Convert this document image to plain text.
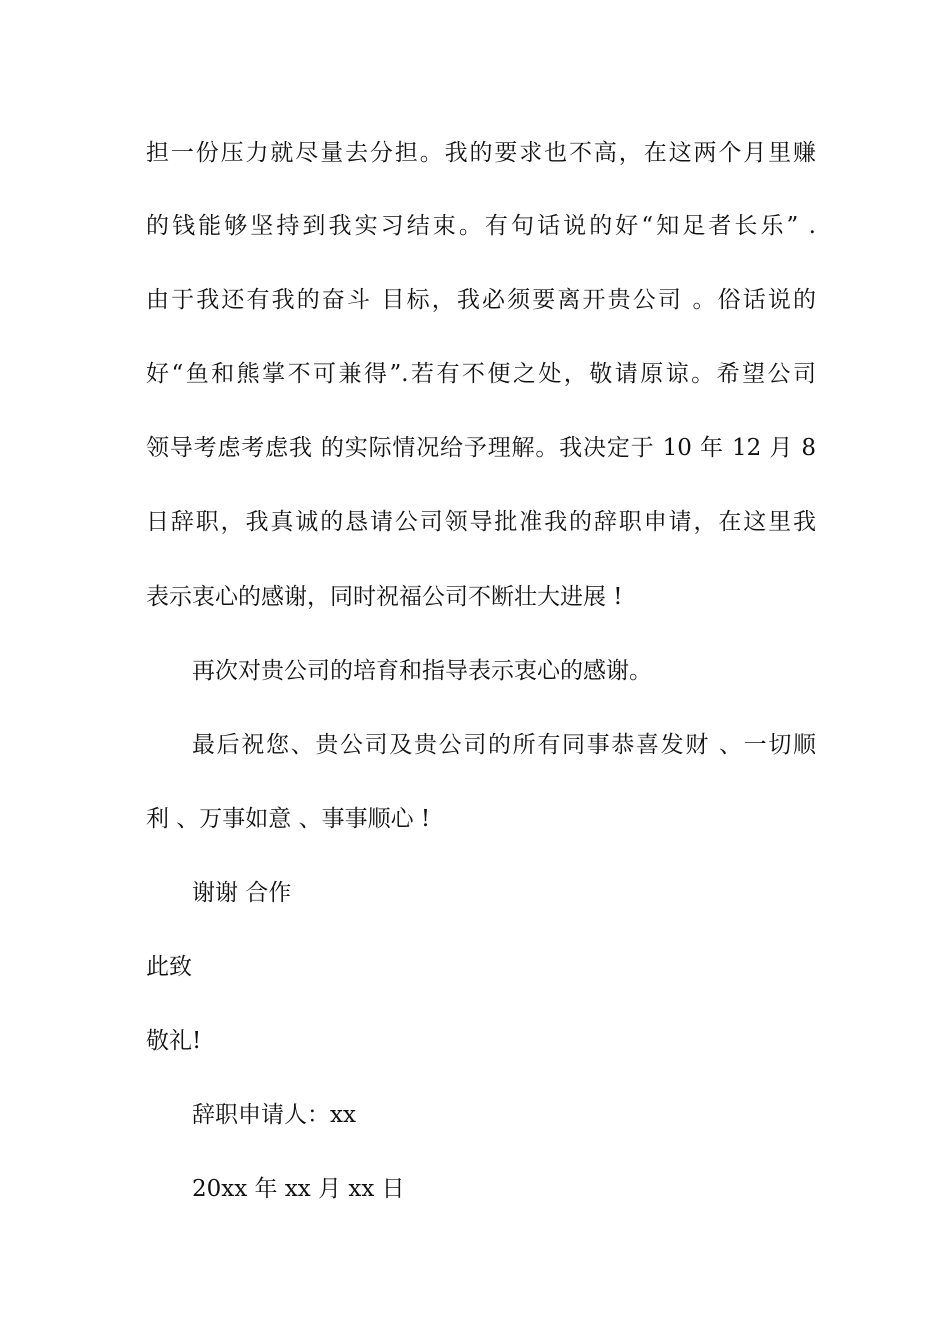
担一份压力就尽量去分担。我的要求也不高，在这两个月里赚
的钱能够坚持到我实习结束。有句话说的好“知足者长乐” .
由于我还有我的奋斗 目标，我必须要离开贵公司 。俗话说的
好“鱼和熊掌不可兼得”.若有不便之处，敬请原谅。希望公司
领导考虑考虑我 的实际情况给予理解。我决定于 10 年 12 月 8
日辞职，我真诚的恳请公司领导批准我的辞职申请，在这里我
表示衷心的感谢，同时祝福公司不断壮大进展 !
再次对贵公司的培育和指导表示衷心的感谢。
最后祝您、贵公司及贵公司的所有同事恭喜发财 、一切顺
利 、万事如意 、事事顺心 !
谢谢 合作
此致
敬礼!
辞职申请人：xx
20xx 年 xx 月 xx 日
